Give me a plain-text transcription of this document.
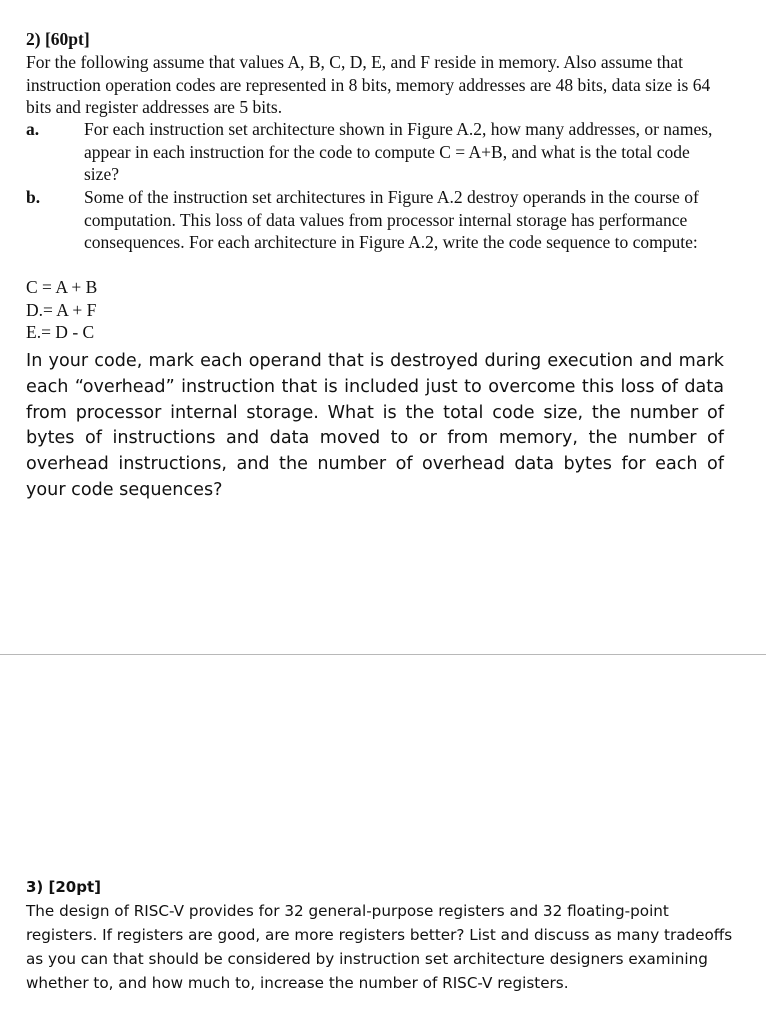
2) [60pt]
For the following assume that values A, B, C, D, E, and F reside in memory. Also assume that instruction operation codes are represented in 8 bits, memory addresses are 48 bits, data size is 64 bits and register addresses are 5 bits.
a.	For each instruction set architecture shown in Figure A.2, how many addresses, or names, appear in each instruction for the code to compute C = A+B, and what is the total code size?
b.	Some of the instruction set architectures in Figure A.2 destroy operands in the course of computation. This loss of data values from processor internal storage has performance consequences. For each architecture in Figure A.2, write the code sequence to compute:
C = A + B
D.= A + F
E.= D - C
In your code, mark each operand that is destroyed during execution and mark each “overhead” instruction that is included just to overcome this loss of data from processor internal storage. What is the total code size, the number of bytes of instructions and data moved to or from memory, the number of overhead instructions, and the number of overhead data bytes for each of your code sequences?
3) [20pt]
The design of RISC-V provides for 32 general-purpose registers and 32 floating-point registers. If registers are good, are more registers better? List and discuss as many tradeoffs as you can that should be considered by instruction set architecture designers examining whether to, and how much to, increase the number of RISC-V registers.
